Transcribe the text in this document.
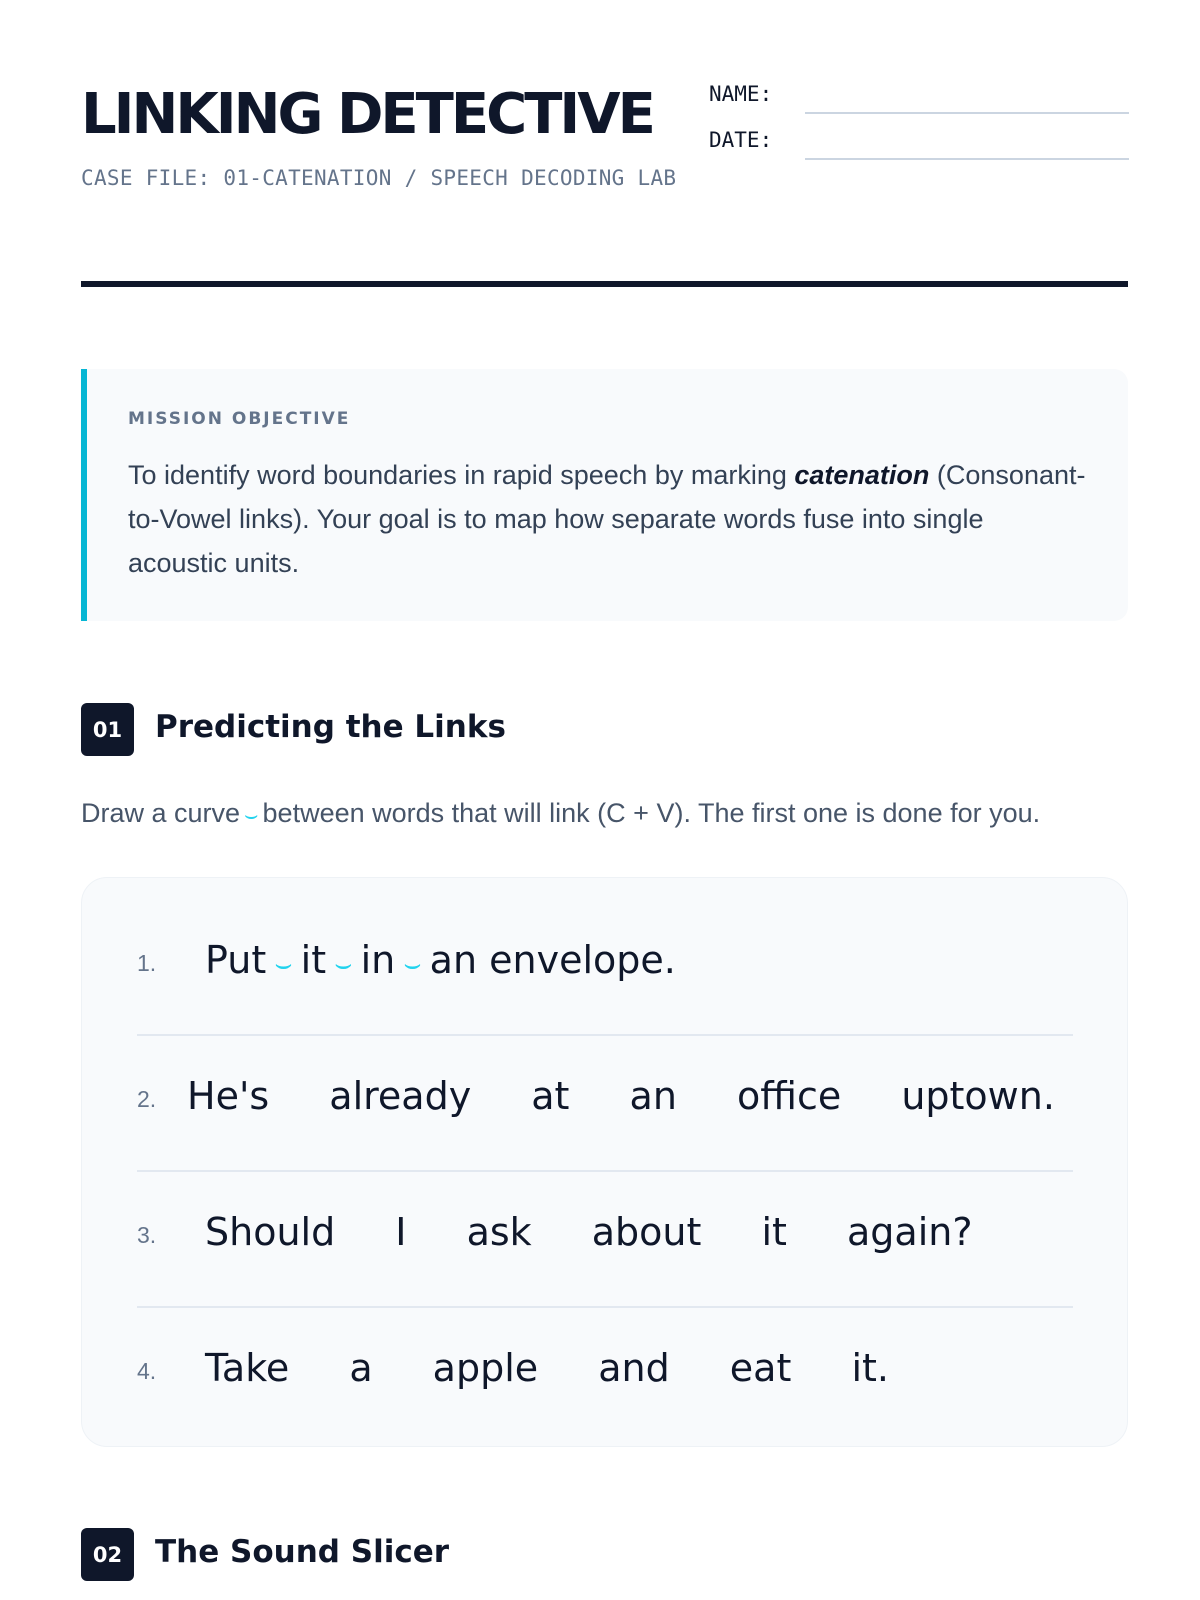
LINKING DETECTIVE
CASE FILE: 01-CATENATION / SPEECH DECODING LAB
NAME:
DATE:
MISSION OBJECTIVE

To identify word boundaries in rapid speech by marking catenation (Consonant-to-Vowel links). Your goal is to map how separate words fuse into single acoustic units.

01	Predicting the Links
Draw a curve ⌣ between words that will link (C + V). The first one is done for you.
1. Put ⌣ it ⌣ in ⌣ an envelope.
2. He's already at an office uptown.
3. Should I ask about it again?
4. Take a apple and eat it.
02	The Sound Slicer
